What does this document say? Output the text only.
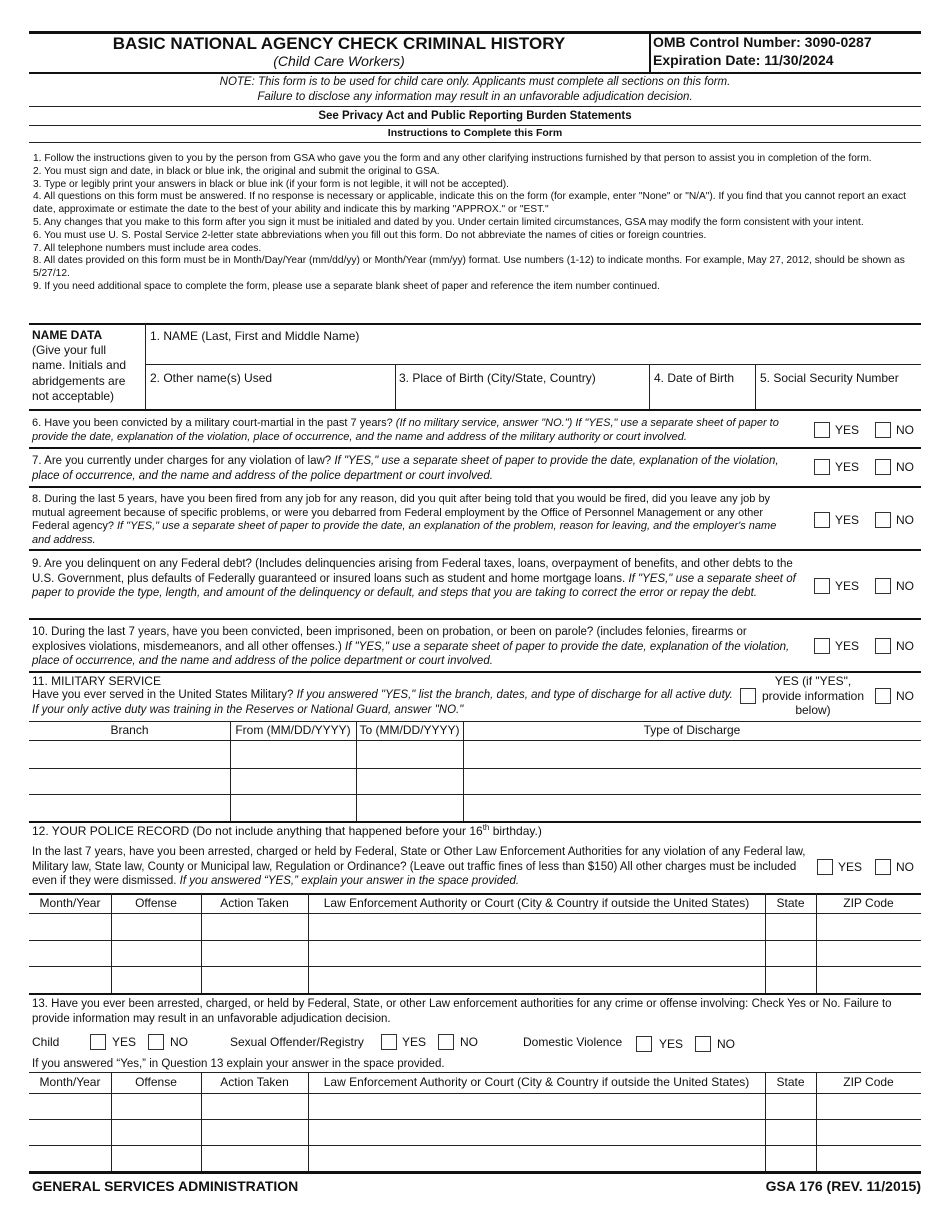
BASIC NATIONAL AGENCY CHECK CRIMINAL HISTORY
(Child Care Workers)
OMB Control Number: 3090-0287
Expiration Date: 11/30/2024
NOTE: This form is to be used for child care only. Applicants must complete all sections on this form.
Failure to disclose any information may result in an unfavorable adjudication decision.
See Privacy Act and Public Reporting Burden Statements
Instructions to Complete this Form
1. Follow the instructions given to you by the person from GSA who gave you the form and any other clarifying instructions furnished by that person to assist you in completion of the form.
2. You must sign and date, in black or blue ink, the original and submit the original to GSA.
3. Type or legibly print your answers in black or blue ink (if your form is not legible, it will not be accepted).
4. All questions on this form must be answered. If no response is necessary or applicable, indicate this on the form (for example, enter "None" or "N/A"). If you find that you cannot report an exact date, approximate or estimate the date to the best of your ability and indicate this by marking "APPROX." or "EST."
5. Any changes that you make to this form after you sign it must be initialed and dated by you. Under certain limited circumstances, GSA may modify the form consistent with your intent.
6. You must use U. S. Postal Service 2-letter state abbreviations when you fill out this form. Do not abbreviate the names of cities or foreign countries.
7. All telephone numbers must include area codes.
8. All dates provided on this form must be in Month/Day/Year (mm/dd/yy) or Month/Year (mm/yy) format. Use numbers (1-12) to indicate months. For example, May 27, 2012, should be shown as 5/27/12.
9. If you need additional space to complete the form, please use a separate blank sheet of paper and reference the item number continued.
NAME DATA
(Give your full name. Initials and abridgements are not acceptable)
1. NAME (Last, First and Middle Name)
2. Other name(s) Used	3. Place of Birth (City/State, Country)	4. Date of Birth 5. Social Security Number
6. Have you been convicted by a military court-martial in the past 7 years? (If no military service, answer "NO.") If "YES," use a separate sheet of paper to provide the date, explanation of the violation, place of occurrence, and the name and address of the military authority or court involved.	YES	NO
7. Are you currently under charges for any violation of law? If "YES," use a separate sheet of paper to provide the date, explanation of the violation, place of occurrence, and the name and address of the police department or court involved.
YES	NO
8. During the last 5 years, have you been fired from any job for any reason, did you quit after being told that you would be fired, did you leave any job by mutual agreement because of specific problems, or were you debarred from Federal employment by the Office of Personnel Management or any other Federal agency? If "YES," use a separate sheet of paper to provide the date, an explanation of the problem, reason for leaving, and the employer's name and address.
YES	NO
9. Are you delinquent on any Federal debt? (Includes delinquencies arising from Federal taxes, loans, overpayment of benefits, and other debts to the U.S. Government, plus defaults of Federally guaranteed or insured loans such as student and home mortgage loans. If "YES," use a separate sheet of paper to provide the type, length, and amount of the delinquency or default, and steps that you are taking to correct the error or repay the debt.	YES	NO
10. During the last 7 years, have you been convicted, been imprisoned, been on probation, or been on parole? (includes felonies, firearms or explosives violations, misdemeanors, and all other offenses.) If "YES," use a separate sheet of paper to provide the date, explanation of the violation, place of occurrence, and the name and address of the police department or court involved.
YES	NO
11. MILITARY SERVICE
Have you ever served in the United States Military? If you answered "YES," list the branch, dates, and type of discharge for all active duty. If your only active duty was training in the Reserves or National Guard, answer "NO."
YES (if "YES", provide information below)
NO
Branch	From (MM/DD/YYYY) To (MM/DD/YYYY)	Type of Discharge
12. YOUR POLICE RECORD (Do not include anything that happened before your 16th birthday.)
In the last 7 years, have you been arrested, charged or held by Federal, State or Other Law Enforcement Authorities for any violation of any Federal law, Military law, State law, County or Municipal law, Regulation or Ordinance? (Leave out traffic fines of less than $150) All other charges must be included even if they were dismissed. If you answered “YES,” explain your answer in the space provided.
YES	NO
Month/Year	Offense	Action Taken	Law Enforcement Authority or Court (City & Country if outside the United States)	State	ZIP Code
13. Have you ever been arrested, charged, or held by Federal, State, or other Law enforcement authorities for any crime or offense involving: Check Yes or No. Failure to provide information may result in an unfavorable adjudication decision.
Child	YES	NO	Sexual Offender/Registry	YES	NO	Domestic Violence	YES	NO
If you answered “Yes,” in Question 13 explain your answer in the space provided.
Month/Year	Offense	Action Taken	Law Enforcement Authority or Court (City & Country if outside the United States)	State	ZIP Code
GENERAL SERVICES ADMINISTRATION	GSA 176 (REV. 11/2015)
